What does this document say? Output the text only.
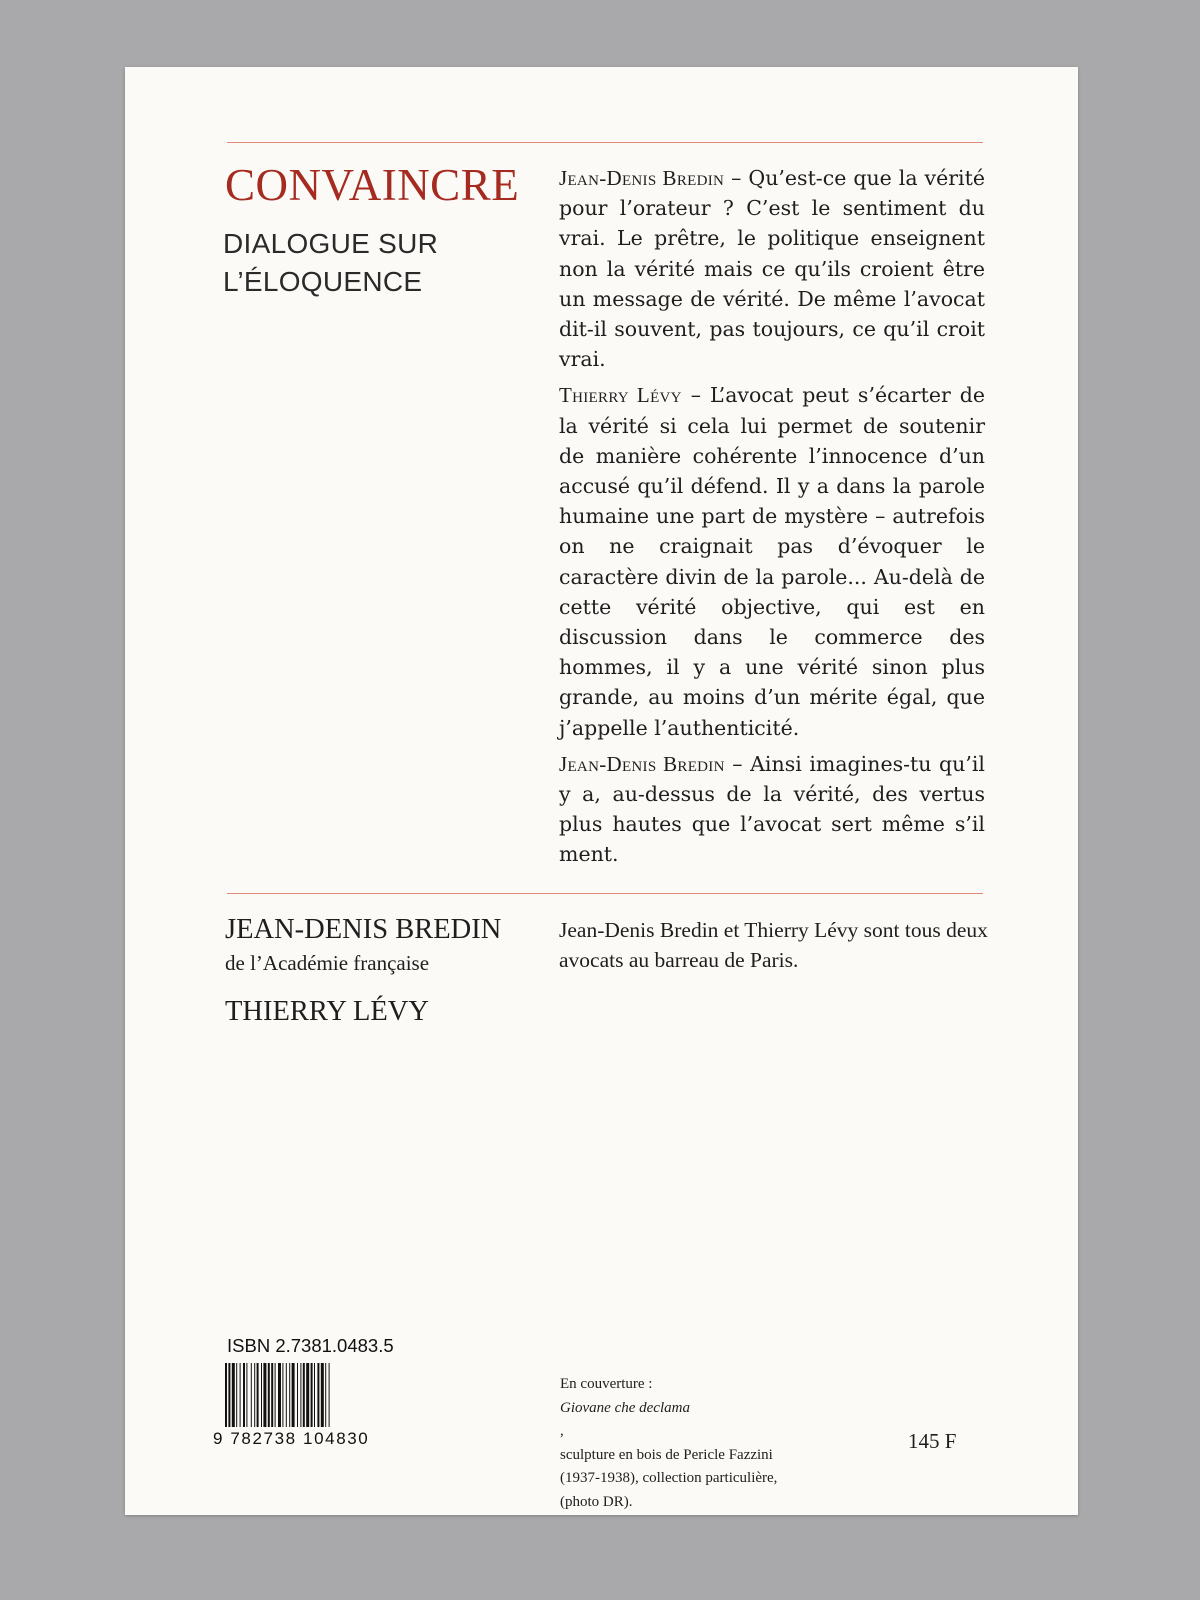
CONVAINCRE
DIALOGUE SUR
L’ÉLOQUENCE

Jean-Denis Bredin – Qu’est-ce que la vérité pour l’orateur ? C’est le sentiment du vrai. Le prêtre, le politique enseignent non la vérité mais ce qu’ils croient être un message de vérité. De même l’avocat dit-il souvent, pas toujours, ce qu’il croit vrai.

Thierry Lévy – L’avocat peut s’écarter de la vérité si cela lui permet de soutenir de manière cohérente l’innocence d’un accusé qu’il défend. Il y a dans la parole humaine une part de mystère – autrefois on ne craignait pas d’évoquer le caractère divin de la parole... Au-delà de cette vérité objective, qui est en discussion dans le commerce des hommes, il y a une vérité sinon plus grande, au moins d’un mérite égal, que j’appelle l’authenticité.

Jean-Denis Bredin – Ainsi imagines-tu qu’il y a, au-dessus de la vérité, des vertus plus hautes que l’avocat sert même s’il ment.

JEAN-DENIS BREDIN
de l’Académie française
THIERRY LÉVY
Jean-Denis Bredin et Thierry Lévy sont tous deux avocats au barreau de Paris.
ISBN 2.7381.0483.5
9 782738 104830
En couverture :
Giovane che declama
,
sculpture en bois de Pericle Fazzini
(1937-1938), collection particulière,
(photo DR).
145 F
